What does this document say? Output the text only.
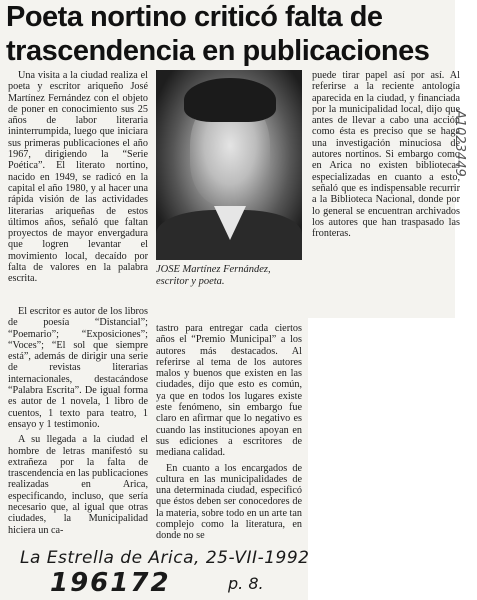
Poeta nortino criticó falta de
trascendencia en publicaciones

Una visita a la ciudad realiza el poeta y escritor ariqueño José Martínez Fernández con el objeto de poner en conocimiento sus 25 años de labor literaria ininterrumpida, luego que iniciara sus primeras publicaciones el año 1967, dirigiendo la “Serie Poética”. El literato nortino, nacido en 1949, se radicó en la capital el año 1980, y al hacer una rápida visión de las actividades literarias ariqueñas de estos últimos años, señaló que faltan proyectos de mayor envergadura que logren levantar el movimiento local, decaído por falta de valores en la palabra escrita.

El escritor es autor de los libros de poesía “Distancial”; “Poemario”; “Exposiciones”; “Voces”; “El sol que siempre está”, además de dirigir una serie de revistas literarias internacionales, destacándose “Palabra Escrita”. De igual forma es autor de 1 novela, 1 libro de cuentos, 1 texto para teatro, 1 ensayo y 1 testimonio.

A su llegada a la ciudad el hombre de letras manifestó su extrañeza por la falta de trascendencia en las publicaciones realizadas en Arica, especificando, incluso, que sería necesario que, al igual que otras ciudades, la Municipalidad hiciera un ca-

JOSE Martínez Fernández, escritor y poeta.

tastro para entregar cada ciertos años el “Premio Municipal” a los autores más destacados. Al referirse al tema de los autores malos y buenos que existen en las ciudades, dijo que esto es común, ya que en todos los lugares existe este fenómeno, sin embargo fue claro en afirmar que lo negativo es cuando las instituciones apoyan en sus ediciones a escritores de mediana calidad.

En cuanto a los encargados de cultura en las municipalidades de una determinada ciudad, especificó que éstos deben ser conocedores de la materia, sobre todo en un arte tan complejo como la literatura, en donde no se

puede tirar papel así por así. Al referirse a la reciente antología aparecida en la ciudad, y financiada por la municipalidad local, dijo que antes de llevar a cabo una acción como ésta es preciso que se haga una investigación minuciosa de autores nortinos. Si embargo como en Arica no existen bibliotecas especializadas en cuanto a esto, señaló que es indispensable recurrir a la Biblioteca Nacional, donde por lo general se encuentran archivados los autores que han traspasado las fronteras.

A1023449
La Estrella de Arica, 25-VII-1992
196172	p. 8.
